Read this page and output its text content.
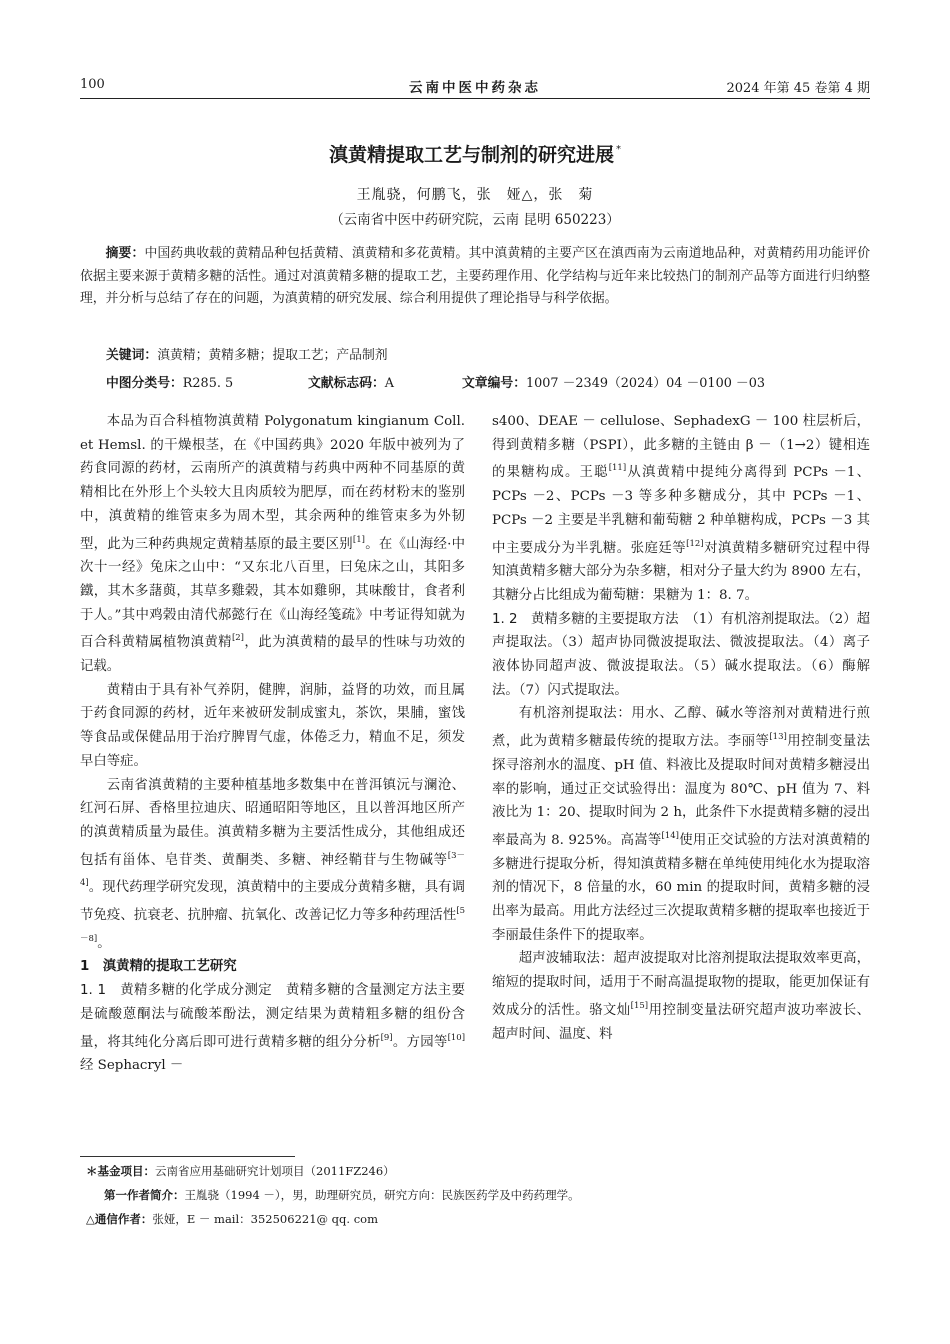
100	云南中医中药杂志	2024 年第 45 卷第 4 期
滇黄精提取工艺与制剂的研究进展 *
王胤骁，何鹏飞，张　娅△，张　菊
（云南省中医中药研究院，云南 昆明 650223）
摘要：中国药典收载的黄精品种包括黄精、滇黄精和多花黄精。其中滇黄精的主要产区在滇西南为云南道地品种，对黄精药用功能评价依据主要来源于黄精多糖的活性。通过对滇黄精多糖的提取工艺，主要药理作用、化学结构与近年来比较热门的制剂产品等方面进行归纳整理，并分析与总结了存在的问题，为滇黄精的研究发展、综合利用提供了理论指导与科学依据。
关键词：滇黄精；黄精多糖；提取工艺；产品制剂
中图分类号：R285. 5	文献标志码：A	文章编号：1007 －2349（2024）04 －0100 －03

本品为百合科植物滇黄精 Polygonatum kingianum Coll. et Hemsl. 的干燥根茎，在《中国药典》2020 年版中被列为了药食同源的药材，云南所产的滇黄精与药典中两种不同基原的黄精相比在外形上个头较大且肉质较为肥厚，而在药材粉末的鉴别中，滇黄精的维管束多为周木型，其余两种的维管束多为外韧型，此为三种药典规定黄精基原的最主要区别[1]。在《山海经·中次十一经》兔床之山中：“又东北八百里，曰兔床之山，其阳多鐵，其木多藷藇，其草多雞榖，其本如雞卵，其味酸甘，食者利于人。”其中鸡榖由清代郝懿行在《山海经笺疏》中考证得知就为百合科黄精属植物滇黄精[2]，此为滇黄精的最早的性味与功效的记载。

黄精由于具有补气养阴，健脾，润肺，益肾的功效，而且属于药食同源的药材，近年来被研发制成蜜丸，茶饮，果脯，蜜饯等食品或保健品用于治疗脾胃气虚，体倦乏力，精血不足，须发早白等症。

云南省滇黄精的主要种植基地多数集中在普洱镇沅与澜沧、红河石屏、香格里拉迪庆、昭通昭阳等地区，且以普洱地区所产的滇黄精质量为最佳。滇黄精多糖为主要活性成分，其他组成还包括有甾体、皂苷类、黄酮类、多糖、神经鞘苷与生物碱等[3－4]。现代药理学研究发现，滇黄精中的主要成分黄精多糖，具有调节免疫、抗衰老、抗肿瘤、抗氧化、改善记忆力等多种药理活性[5－8]。

1　滇黄精的提取工艺研究

1. 1　黄精多糖的化学成分测定　黄精多糖的含量测定方法主要是硫酸蒽酮法与硫酸苯酚法，测定结果为黄精粗多糖的组份含量，将其纯化分离后即可进行黄精多糖的组分分析[9]。方园等[10]经 Sephacryl －

s400、DEAE － cellulose、SephadexG － 100 柱层析后，得到黄精多糖（PSPI），此多糖的主链由 β －（1→2）键相连的果糖构成。王聪[11]从滇黄精中提纯分离得到 PCPs －1、PCPs －2、PCPs －3 等多种多糖成分，其中 PCPs －1、PCPs －2 主要是半乳糖和葡萄糖 2 种单糖构成，PCPs －3 其中主要成分为半乳糖。张庭廷等[12]对滇黄精多糖研究过程中得知滇黄精多糖大部分为杂多糖，相对分子量大约为 8900 左右，其糖分占比组成为葡萄糖：果糖为 1：8. 7。

1. 2　黄精多糖的主要提取方法　（1）有机溶剂提取法。（2）超声提取法。（3）超声协同微波提取法、微波提取法。（4）离子液体协同超声波、微波提取法。（5）碱水提取法。（6）酶解法。（7）闪式提取法。

有机溶剂提取法：用水、乙醇、碱水等溶剂对黄精进行煎煮，此为黄精多糖最传统的提取方法。李丽等[13]用控制变量法探寻溶剂水的温度、pH 值、料液比及提取时间对黄精多糖浸出率的影响，通过正交试验得出：温度为 80℃、pH 值为 7、料液比为 1：20、提取时间为 2 h，此条件下水提黄精多糖的浸出率最高为 8. 925%。高嵩等[14]使用正交试验的方法对滇黄精的多糖进行提取分析，得知滇黄精多糖在单纯使用纯化水为提取溶剂的情况下，8 倍量的水，60 min 的提取时间，黄精多糖的浸出率为最高。用此方法经过三次提取黄精多糖的提取率也接近于李丽最佳条件下的提取率。

超声波辅取法：超声波提取对比溶剂提取法提取效率更高，缩短的提取时间，适用于不耐高温提取物的提取，能更加保证有效成分的活性。骆文灿[15]用控制变量法研究超声波功率波长、超声时间、温度、料

＊基金项目：云南省应用基础研究计划项目（2011FZ246）
第一作者简介：王胤骁（1994 －），男，助理研究员，研究方向：民族医药学及中药药理学。
△通信作者：张娅，E － mail：352506221@ qq. com
